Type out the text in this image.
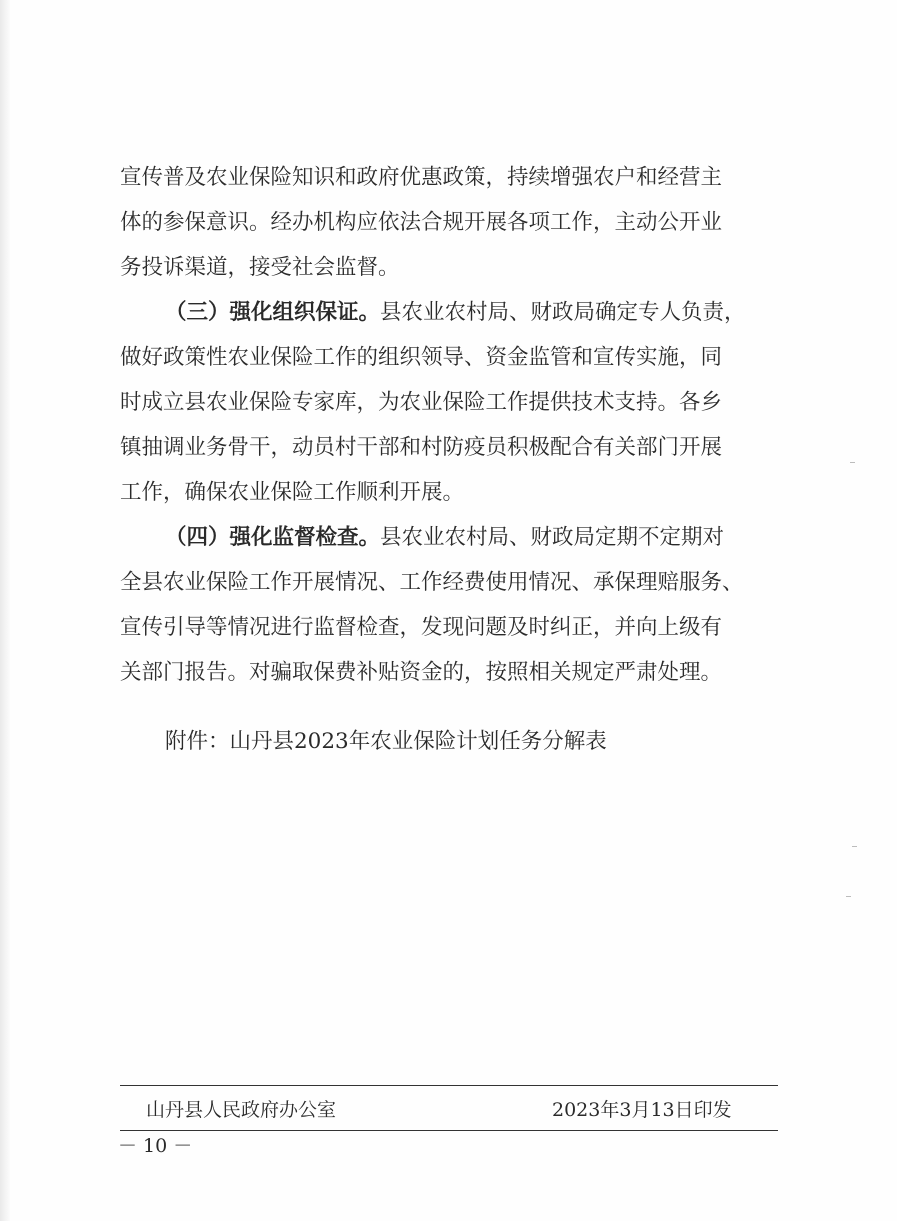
宣传普及农业保险知识和政府优惠政策，持续增强农户和经营主
体的参保意识。经办机构应依法合规开展各项工作，主动公开业
务投诉渠道，接受社会监督。
（三）强化组织保证。县农业农村局、财政局确定专人负责，
做好政策性农业保险工作的组织领导、资金监管和宣传实施，同
时成立县农业保险专家库，为农业保险工作提供技术支持。各乡
镇抽调业务骨干，动员村干部和村防疫员积极配合有关部门开展
工作，确保农业保险工作顺利开展。
（四）强化监督检查。县农业农村局、财政局定期不定期对
全县农业保险工作开展情况、工作经费使用情况、承保理赔服务、
宣传引导等情况进行监督检查，发现问题及时纠正，并向上级有
关部门报告。对骗取保费补贴资金的，按照相关规定严肃处理。
附件：山丹县2023年农业保险计划任务分解表
山丹县人民政府办公室	2023年3月13日印发
－ 10 －
